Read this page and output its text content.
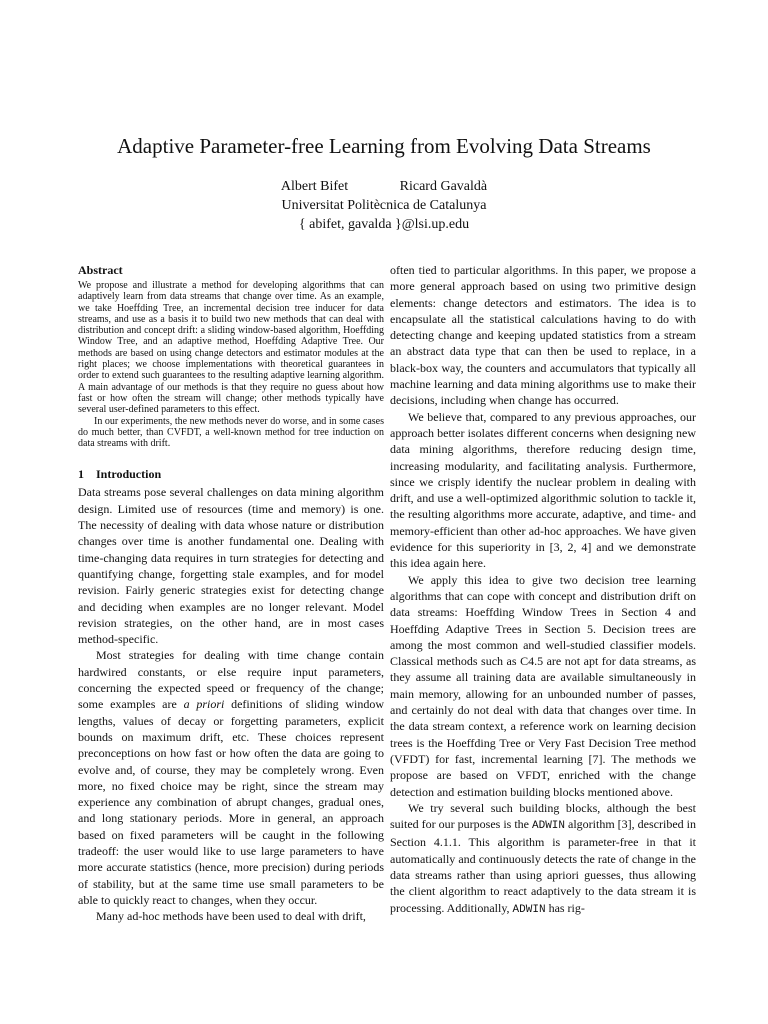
Adaptive Parameter-free Learning from Evolving Data Streams
Albert Bifet	Ricard Gavaldà
Universitat Politècnica de Catalunya
{ abifet, gavalda }@lsi.up.edu
Abstract

We propose and illustrate a method for developing algorithms that can adaptively learn from data streams that change over time. As an example, we take Hoeffding Tree, an incremental decision tree inducer for data streams, and use as a basis it to build two new methods that can deal with distribution and concept drift: a sliding window-based algorithm, Hoeffding Window Tree, and an adaptive method, Hoeffding Adaptive Tree. Our methods are based on using change detectors and estimator modules at the right places; we choose implementations with theoretical guarantees in order to extend such guarantees to the resulting adaptive learning algorithm. A main advantage of our methods is that they require no guess about how fast or how often the stream will change; other methods typically have several user-defined parameters to this effect.

In our experiments, the new methods never do worse, and in some cases do much better, than CVFDT, a well-known method for tree induction on data streams with drift.

1 Introduction

Data streams pose several challenges on data mining algorithm design. Limited use of resources (time and memory) is one. The necessity of dealing with data whose nature or distribution changes over time is another fundamental one. Dealing with time-changing data requires in turn strategies for detecting and quantifying change, forgetting stale examples, and for model revision. Fairly generic strategies exist for detecting change and deciding when examples are no longer relevant. Model revision strategies, on the other hand, are in most cases method-specific.

Most strategies for dealing with time change contain hardwired constants, or else require input parameters, concerning the expected speed or frequency of the change; some examples are a priori definitions of sliding window lengths, values of decay or forgetting parameters, explicit bounds on maximum drift, etc. These choices represent preconceptions on how fast or how often the data are going to evolve and, of course, they may be completely wrong. Even more, no fixed choice may be right, since the stream may experience any combination of abrupt changes, gradual ones, and long stationary periods. More in general, an approach based on fixed parameters will be caught in the following tradeoff: the user would like to use large parameters to have more accurate statistics (hence, more precision) during periods of stability, but at the same time use small parameters to be able to quickly react to changes, when they occur.

Many ad-hoc methods have been used to deal with drift,

often tied to particular algorithms. In this paper, we propose a more general approach based on using two primitive design elements: change detectors and estimators. The idea is to encapsulate all the statistical calculations having to do with detecting change and keeping updated statistics from a stream an abstract data type that can then be used to replace, in a black-box way, the counters and accumulators that typically all machine learning and data mining algorithms use to make their decisions, including when change has occurred.

We believe that, compared to any previous approaches, our approach better isolates different concerns when designing new data mining algorithms, therefore reducing design time, increasing modularity, and facilitating analysis. Furthermore, since we crisply identify the nuclear problem in dealing with drift, and use a well-optimized algorithmic solution to tackle it, the resulting algorithms more accurate, adaptive, and time- and memory-efficient than other ad-hoc approaches. We have given evidence for this superiority in [3, 2, 4] and we demonstrate this idea again here.

We apply this idea to give two decision tree learning algorithms that can cope with concept and distribution drift on data streams: Hoeffding Window Trees in Section 4 and Hoeffding Adaptive Trees in Section 5. Decision trees are among the most common and well-studied classifier models. Classical methods such as C4.5 are not apt for data streams, as they assume all training data are available simultaneously in main memory, allowing for an unbounded number of passes, and certainly do not deal with data that changes over time. In the data stream context, a reference work on learning decision trees is the Hoeffding Tree or Very Fast Decision Tree method (VFDT) for fast, incremental learning [7]. The methods we propose are based on VFDT, enriched with the change detection and estimation building blocks mentioned above.

We try several such building blocks, although the best suited for our purposes is the ADWIN algorithm [3], described in Section 4.1.1. This algorithm is parameter-free in that it automatically and continuously detects the rate of change in the data streams rather than using apriori guesses, thus allowing the client algorithm to react adaptively to the data stream it is processing. Additionally, ADWIN has rig-
